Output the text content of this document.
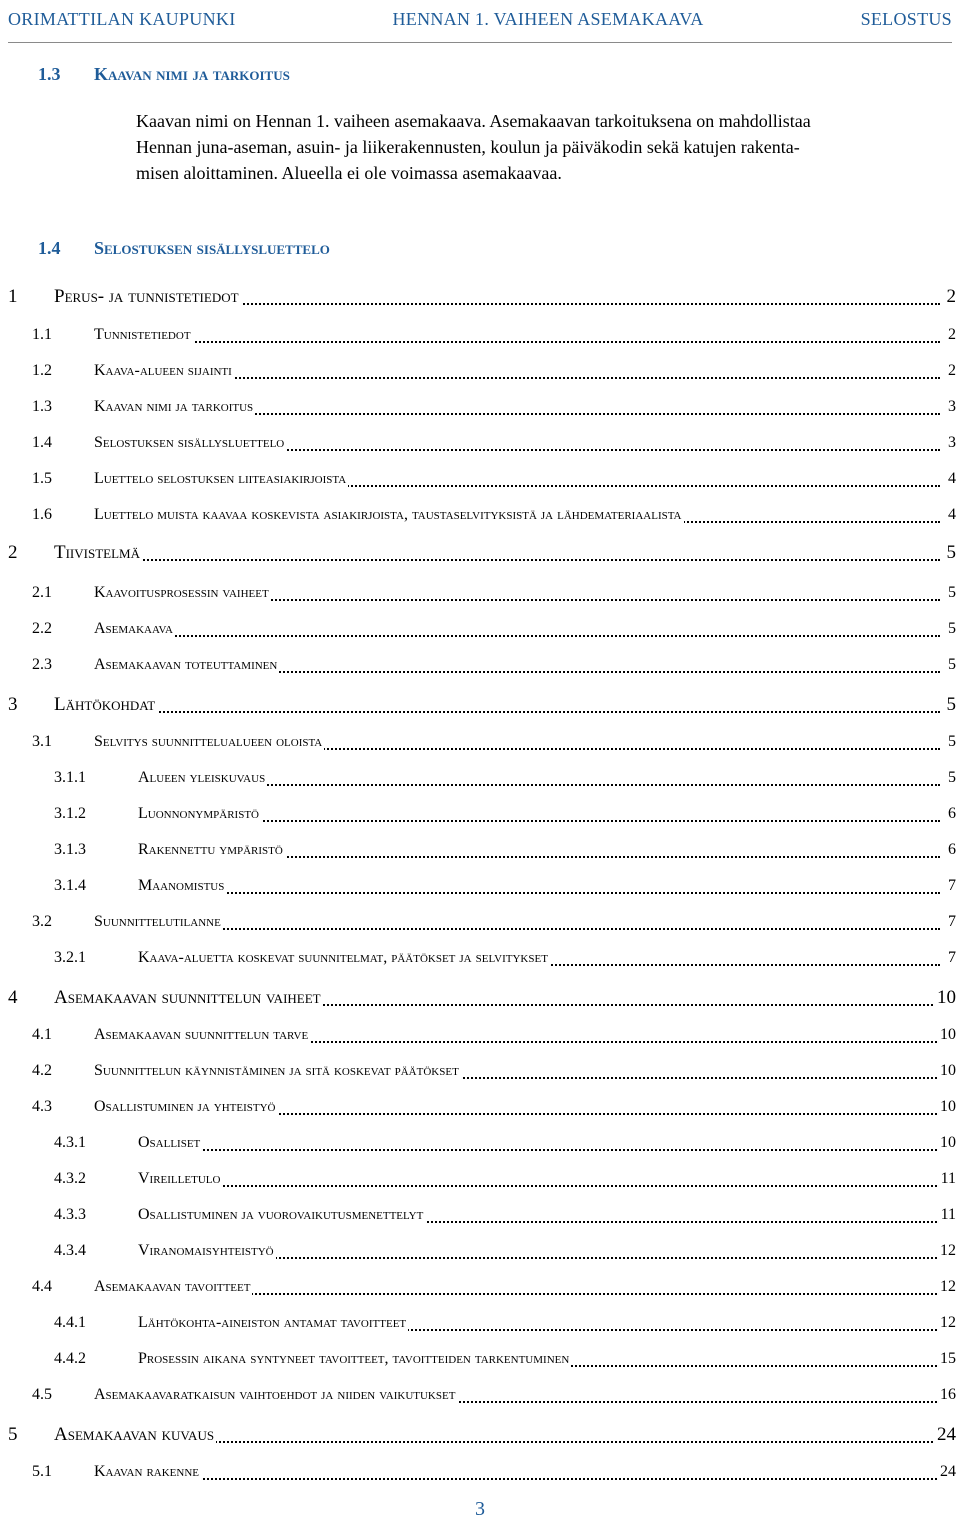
ORIMATTILAN KAUPUNKI	HENNAN 1. VAIHEEN ASEMAKAAVA	SELOSTUS
1.3 Kaavan nimi ja tarkoitus
Kaavan nimi on Hennan 1. vaiheen asemakaava. Asemakaavan tarkoituksena on mahdollistaa
Hennan juna-aseman, asuin- ja liikerakennusten, koulun ja päiväkodin sekä katujen rakenta-
misen aloittaminen. Alueella ei ole voimassa asemakaavaa.
1.4 Selostuksen sisällysluettelo
1 Perus- ja tunnistetiedot	2
1.1	Tunnistetiedot	2
1.2	Kaava-alueen sijainti	2
1.3	Kaavan nimi ja tarkoitus	3
1.4	Selostuksen sisällysluettelo	3
1.5	Luettelo selostuksen liiteasiakirjoista	4
1.6	Luettelo muista kaavaa koskevista asiakirjoista, taustaselvityksistä ja lähdemateriaalista	4
2 Tiivistelmä	5
2.1	Kaavoitusprosessin vaiheet	5
2.2	Asemakaava	5
2.3	Asemakaavan toteuttaminen	5
3 Lähtökohdat	5
3.1	Selvitys suunnittelualueen oloista	5
3.1.1	Alueen yleiskuvaus	5
3.1.2	Luonnonympäristö	6
3.1.3	Rakennettu ympäristö	6
3.1.4	Maanomistus	7
3.2	Suunnittelutilanne	7
3.2.1	Kaava-aluetta koskevat suunnitelmat, päätökset ja selvitykset	7
4 Asemakaavan suunnittelun vaiheet	10
4.1	Asemakaavan suunnittelun tarve	10
4.2	Suunnittelun käynnistäminen ja sitä koskevat päätökset	10
4.3	Osallistuminen ja yhteistyö	10
4.3.1	Osalliset	10
4.3.2	Vireilletulo	11
4.3.3	Osallistuminen ja vuorovaikutusmenettelyt	11
4.3.4	Viranomaisyhteistyö	12
4.4	Asemakaavan tavoitteet	12
4.4.1	Lähtökohta-aineiston antamat tavoitteet	12
4.4.2	Prosessin aikana syntyneet tavoitteet, tavoitteiden tarkentuminen	15
4.5	Asemakaavaratkaisun vaihtoehdot ja niiden vaikutukset	16
5 Asemakaavan kuvaus	24
5.1	Kaavan rakenne	24
3
